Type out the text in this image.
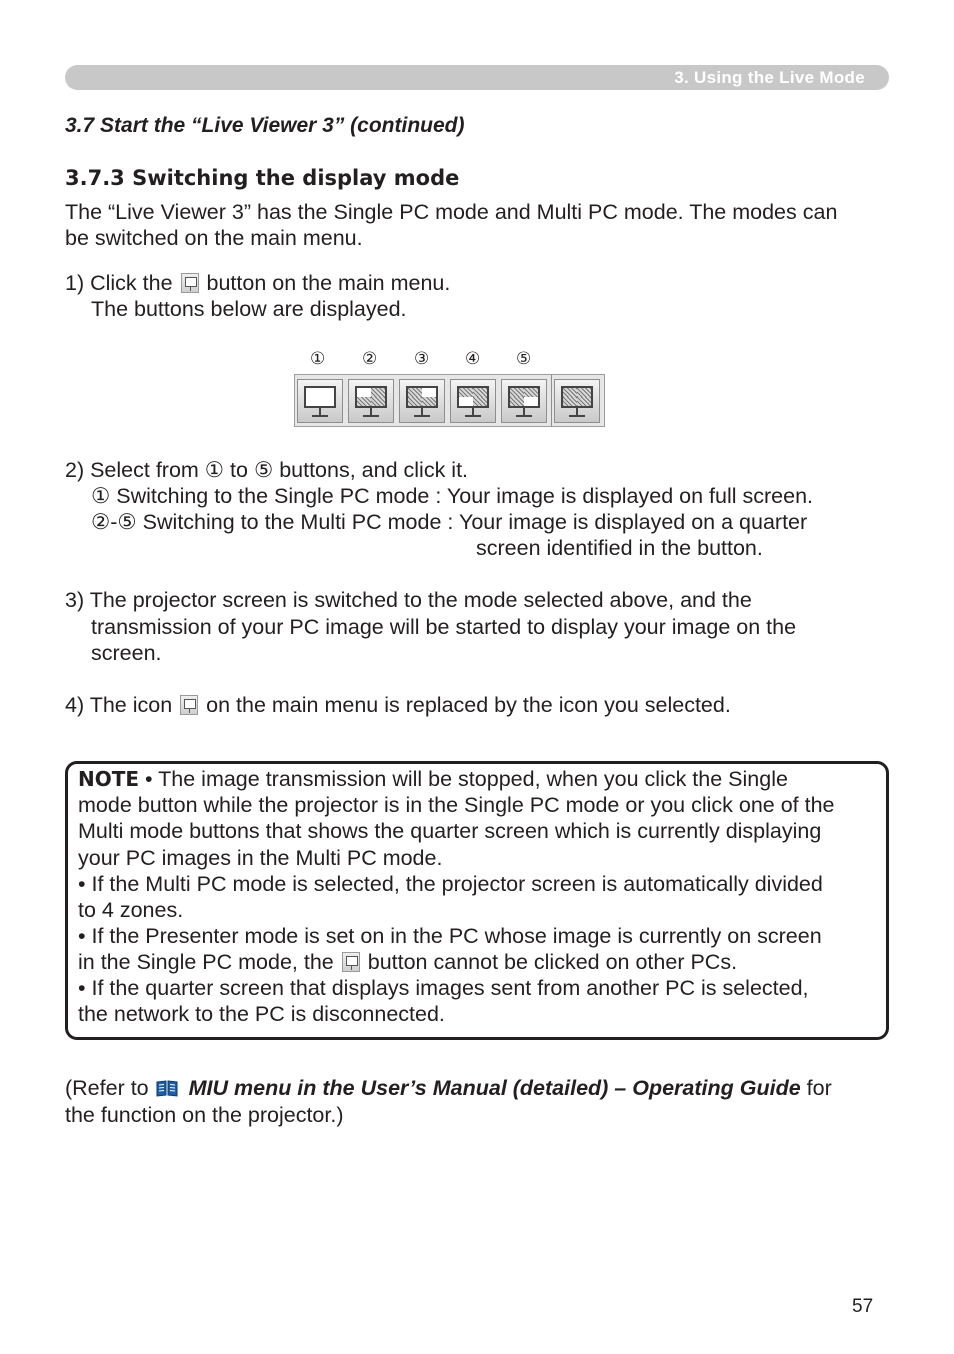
3. Using the Live Mode
3.7 Start the “Live Viewer 3” (continued)
3.7.3 Switching the display mode
The “Live Viewer 3” has the Single PC mode and Multi PC mode. The modes can
be switched on the main menu.
1) Click the button on the main menu.
The buttons below are displayed.
① ② ③ ④ ⑤
2) Select from ① to ⑤ buttons, and click it.
① Switching to the Single PC mode : Your image is displayed on full screen.
②-⑤ Switching to the Multi PC mode : Your image is displayed on a quarter
screen identified in the button.
3) The projector screen is switched to the mode selected above, and the
transmission of your PC image will be started to display your image on the
screen.
4) The icon on the main menu is replaced by the icon you selected.
NOTE • The image transmission will be stopped, when you click the Single
mode button while the projector is in the Single PC mode or you click one of the
Multi mode buttons that shows the quarter screen which is currently displaying
your PC images in the Multi PC mode.
• If the Multi PC mode is selected, the projector screen is automatically divided
to 4 zones.
• If the Presenter mode is set on in the PC whose image is currently on screen
in the Single PC mode, the button cannot be clicked on other PCs.
• If the quarter screen that displays images sent from another PC is selected,
the network to the PC is disconnected.
(Refer to MIU menu in the User’s Manual (detailed) – Operating Guide for
the function on the projector.)
57
